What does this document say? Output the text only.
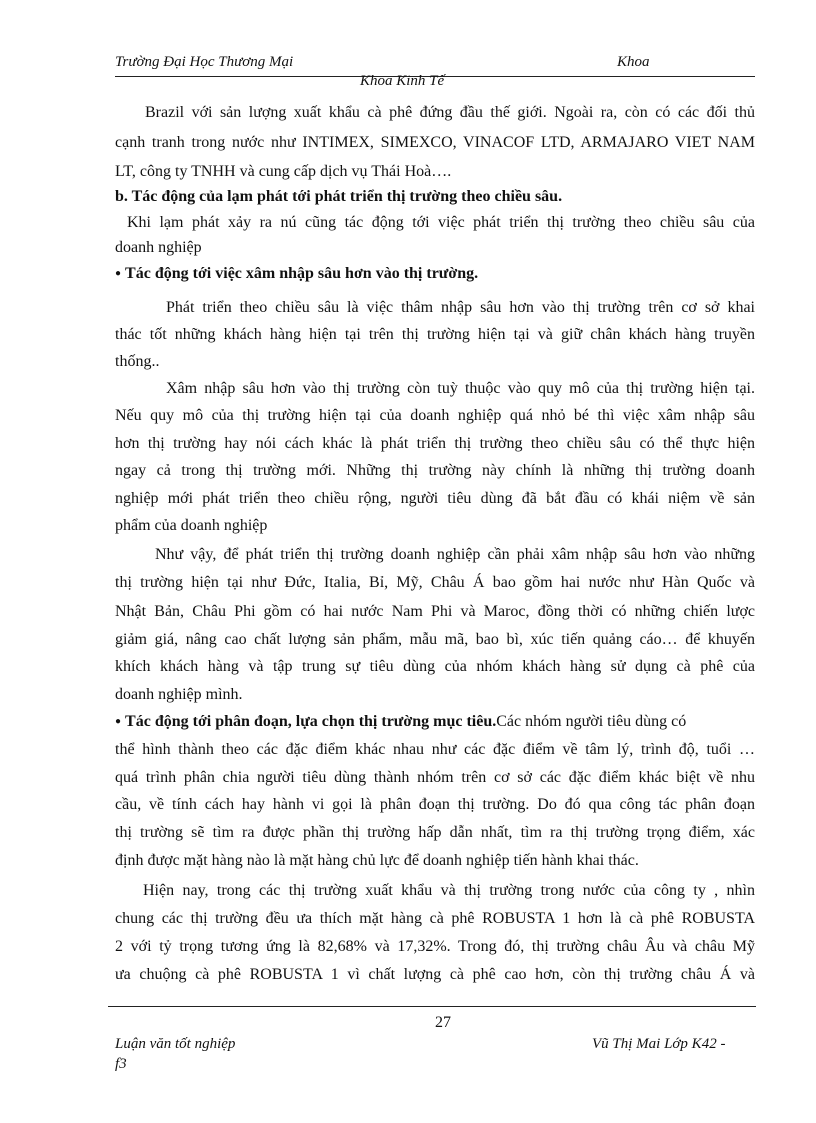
Trường Đại Học Thương Mại	Khoa
Khoa Kinh Tế
Brazil với sản lượng xuất khẩu cà phê đứng đầu thế giới. Ngoài ra, còn có các đối thủ
cạnh tranh trong nước như INTIMEX, SIMEXCO, VINACOF LTD, ARMAJARO VIET NAM
LT, công ty TNHH và cung cấp dịch vụ Thái Hoà….
b. Tác động của lạm phát tới phát triển thị trường theo chiều sâu.
Khi lạm phát xảy ra nú cũng tác động tới việc phát triển thị trường theo chiều sâu của
doanh nghiệp
● Tác động tới việc xâm nhập sâu hơn vào thị trường.
Phát triển theo chiều sâu là việc thâm nhập sâu hơn vào thị trường trên cơ sở khai
thác tốt những khách hàng hiện tại trên thị trường hiện tại và giữ chân khách hàng truyền
thống..
Xâm nhập sâu hơn vào thị trường còn tuỳ thuộc vào quy mô của thị trường hiện tại.
Nếu quy mô của thị trường hiện tại của doanh nghiệp quá nhỏ bé thì việc xâm nhập sâu
hơn thị trường hay nói cách khác là phát triển thị trường theo chiều sâu có thể thực hiện
ngay cả trong thị trường mới. Những thị trường này chính là những thị trường doanh
nghiệp mới phát triển theo chiều rộng, người tiêu dùng đã bắt đầu có khái niệm về sản
phẩm của doanh nghiệp
Như vậy, để phát triển thị trường doanh nghiệp cần phải xâm nhập sâu hơn vào những
thị trường hiện tại như Đức, Italia, Bỉ, Mỹ, Châu Á bao gồm hai nước như Hàn Quốc và
Nhật Bản, Châu Phi gồm có hai nước Nam Phi và Maroc, đồng thời có những chiến lược
giảm giá, nâng cao chất lượng sản phẩm, mẫu mã, bao bì, xúc tiến quảng cáo… để khuyến
khích khách hàng và tập trung sự tiêu dùng của nhóm khách hàng sử dụng cà phê của
doanh nghiệp mình.
● Tác động tới phân đoạn, lựa chọn thị trường mục tiêu.Các nhóm người tiêu dùng có
thể hình thành theo các đặc điểm khác nhau như các đặc điểm về tâm lý, trình độ, tuổi …
quá trình phân chia người tiêu dùng thành nhóm trên cơ sở các đặc điểm khác biệt về nhu
cầu, về tính cách hay hành vi gọi là phân đoạn thị trường. Do đó qua công tác phân đoạn
thị trường sẽ tìm ra được phần thị trường hấp dẫn nhất, tìm ra thị trường trọng điểm, xác
định được mặt hàng nào là mặt hàng chủ lực để doanh nghiệp tiến hành khai thác.
Hiện nay, trong các thị trường xuất khẩu và thị trường trong nước của công ty , nhìn
chung các thị trường đều ưa thích mặt hàng cà phê ROBUSTA 1 hơn là cà phê ROBUSTA
2 với tỷ trọng tương ứng là 82,68% và 17,32%. Trong đó, thị trường châu Âu và châu Mỹ
ưa chuộng cà phê ROBUSTA 1 vì chất lượng cà phê cao hơn, còn thị trường châu Á và
27
Luận văn tốt nghiệp	Vũ Thị Mai Lớp K42 -
f3
